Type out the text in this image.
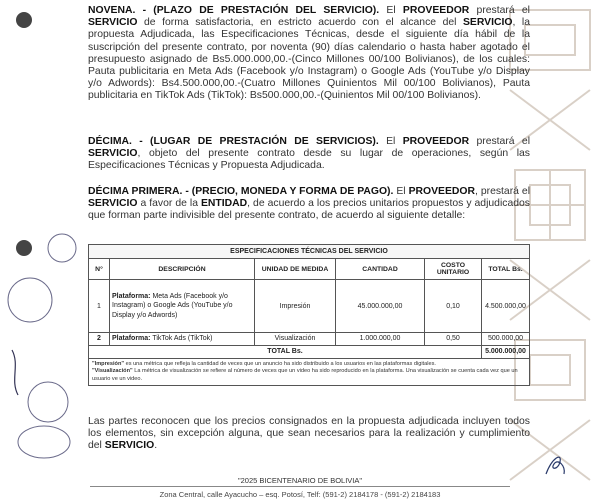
NOVENA. - (PLAZO DE PRESTACIÓN DEL SERVICIO). El PROVEEDOR prestará el SERVICIO de forma satisfactoria, en estricto acuerdo con el alcance del SERVICIO, la propuesta Adjudicada, las Especificaciones Técnicas, desde el siguiente día hábil de la suscripción del presente contrato, por noventa (90) días calendario o hasta haber agotado el presupuesto asignado de Bs5.000.000,00.-(Cinco Millones 00/100 Bolivianos), de los cuales: Pauta publicitaria en Meta Ads (Facebook y/o Instagram) o Google Ads (YouTube y/o Display y/o Adwords): Bs4.500.000,00.-(Cuatro Millones Quinientos Mil 00/100 Bolivianos), Pauta publicitaria en TikTok Ads (TikTok): Bs500.000,00.-(Quinientos Mil 00/100 Bolivianos).
DÉCIMA. - (LUGAR DE PRESTACIÓN DE SERVICIOS). El PROVEEDOR prestará el SERVICIO, objeto del presente contrato desde su lugar de operaciones, según las Especificaciones Técnicas y Propuesta Adjudicada.
DÉCIMA PRIMERA. - (PRECIO, MONEDA Y FORMA DE PAGO). El PROVEEDOR, prestará el SERVICIO a favor de la ENTIDAD, de acuerdo a los precios unitarios propuestos y adjudicados que forman parte indivisible del presente contrato, de acuerdo al siguiente detalle:
ESPECIFICACIONES TÉCNICAS DEL SERVICIO					
N°	DESCRIPCIÓN	UNIDAD DE MEDIDA	CANTIDAD	COSTO UNITARIO	TOTAL Bs.
1	Plataforma: Meta Ads (Facebook y/o Instagram) o Google Ads (YouTube y/o Display y/o Adwords)	Impresión	45.000.000,00	0,10	4.500.000,00
2	Plataforma: TikTok Ads (TikTok)	Visualización	1.000.000,00	0,50	500.000,00
TOTAL Bs.					5.000.000,00

"Impresión" es una métrica que refleja la cantidad de veces que un anuncio ha sido distribuido a los usuarios en las plataformas digitales.
"Visualización" La métrica de visualización se refiere al número de veces que un video ha sido reproducido en la plataforma. Una visualización se cuenta cada vez que un usuario ve un video.					
Las partes reconocen que los precios consignados en la propuesta adjudicada incluyen todos los elementos, sin excepción alguna, que sean necesarios para la realización y cumplimiento del SERVICIO.
"2025 BICENTENARIO DE BOLIVIA"
Zona Central, calle Ayacucho – esq. Potosí, Telf: (591-2) 2184178 - (591-2) 2184183
